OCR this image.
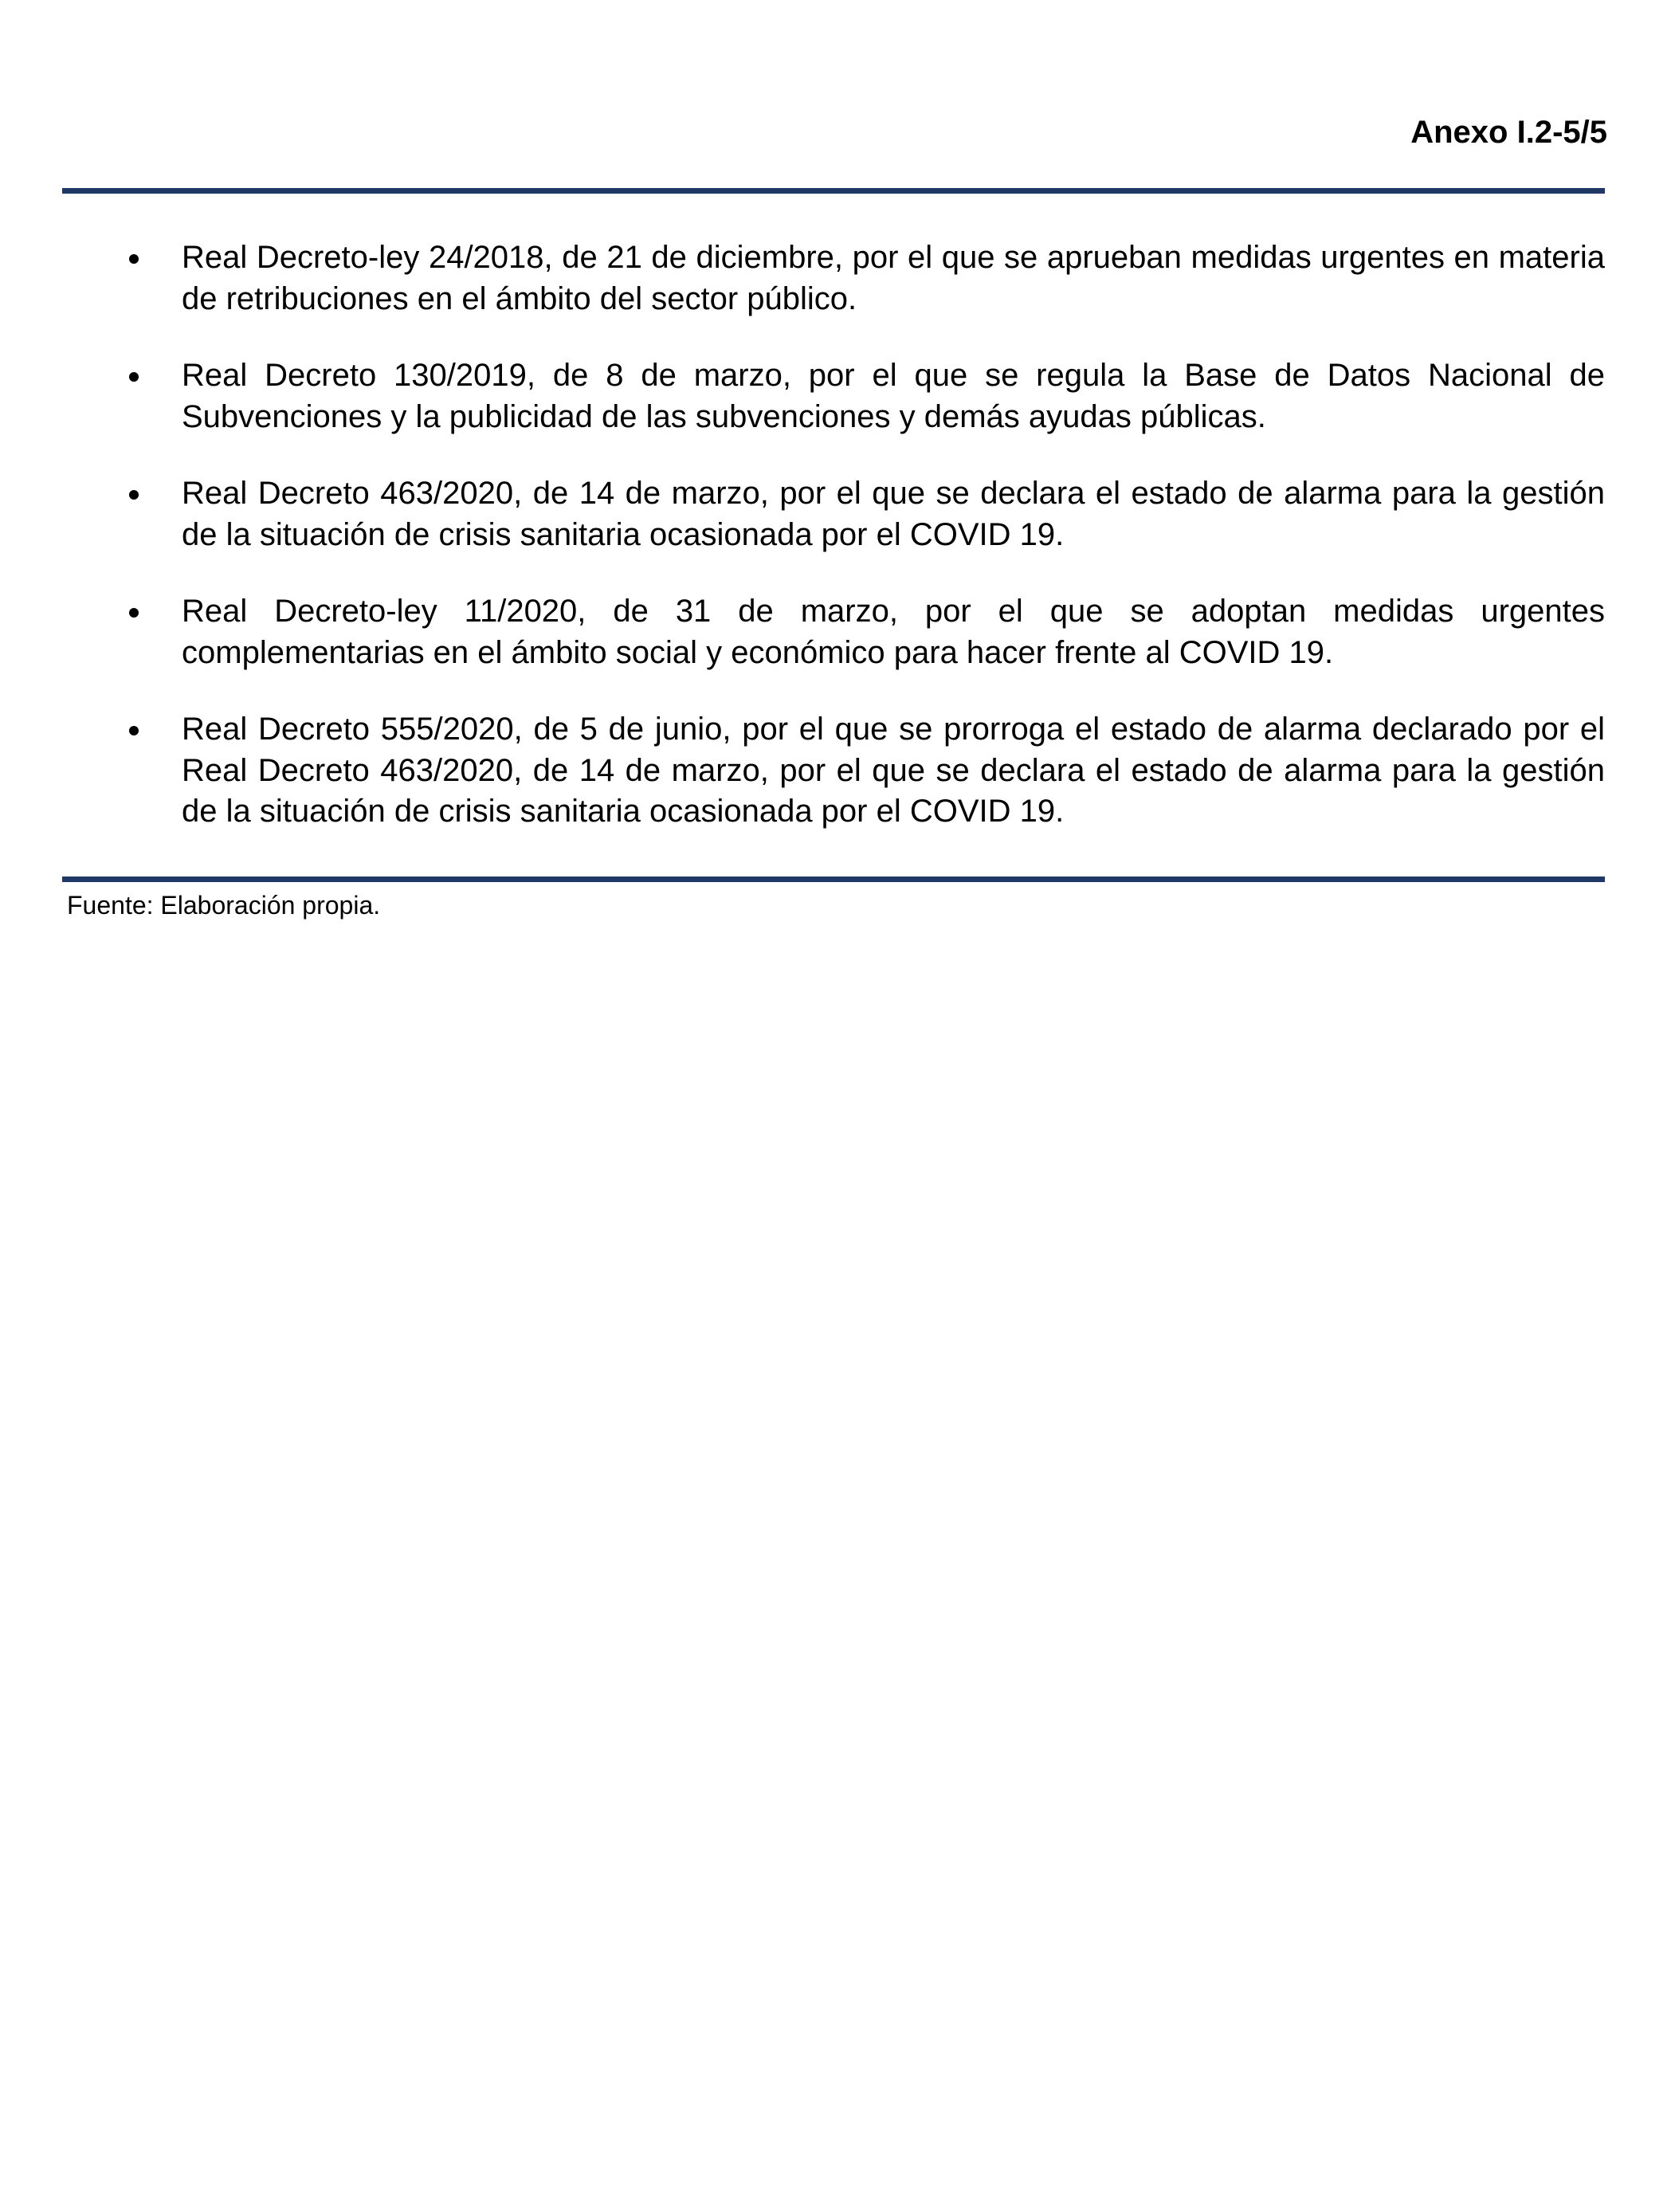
Anexo I.2-5/5
Real Decreto-ley 24/2018, de 21 de diciembre, por el que se aprueban medidas urgentes en materia de retribuciones en el ámbito del sector público.
Real Decreto 130/2019, de 8 de marzo, por el que se regula la Base de Datos Nacional de Subvenciones y la publicidad de las subvenciones y demás ayudas públicas.
Real Decreto 463/2020, de 14 de marzo, por el que se declara el estado de alarma para la gestión de la situación de crisis sanitaria ocasionada por el COVID 19.
Real Decreto-ley 11/2020, de 31 de marzo, por el que se adoptan medidas urgentes complementarias en el ámbito social y económico para hacer frente al COVID 19.
Real Decreto 555/2020, de 5 de junio, por el que se prorroga el estado de alarma declarado por el Real Decreto 463/2020, de 14 de marzo, por el que se declara el estado de alarma para la gestión de la situación de crisis sanitaria ocasionada por el COVID 19.

Fuente: Elaboración propia.
